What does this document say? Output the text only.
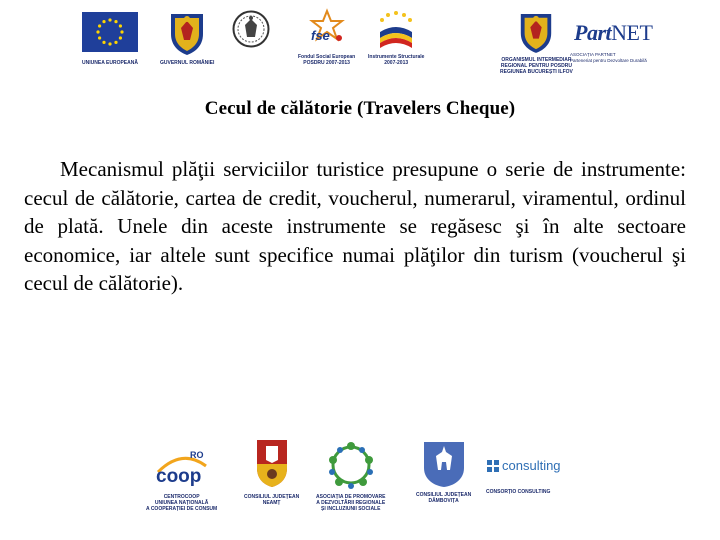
UNIUNEA EUROPEANĂ	GUVERNUL ROMÂNIEI
fse
Fondul Social European
POSDRU 2007-2013
Instrumente Structurale
2007-2013	ORGANISMUL INTERMEDIAR
REGIONAL PENTRU POSDRU
REGIUNEA BUCUREȘTI ILFOV
PartNET
ASOCIAȚIA PARTNET
Parteneriat pentru Dezvoltare Durabilă
Cecul de călătorie (Travelers Cheque)

Mecanismul plăţii serviciilor turistice presupune o serie de instrumente: cecul de călătorie, cartea de credit, voucherul, numerarul, viramentul, ordinul de plată. Unele din aceste instrumente se regăsesc şi în alte sectoare economice, iar altele sunt specifice numai plăţilor din turism (voucherul şi cecul de călătorie).

RO
coop
CENTROCOOP
UNIUNEA NAȚIONALĂ
A COOPERAȚIEI DE CONSUM
CONSILIUL JUDEȚEAN
NEAMȚ
ASOCIAȚIA DE PROMOVARE
A DEZVOLTĂRII REGIONALE
ȘI INCLUZIUNII SOCIALE
CONSILIUL JUDEȚEAN
DÂMBOVIȚA
consulting
CONSORȚIO CONSULTING
